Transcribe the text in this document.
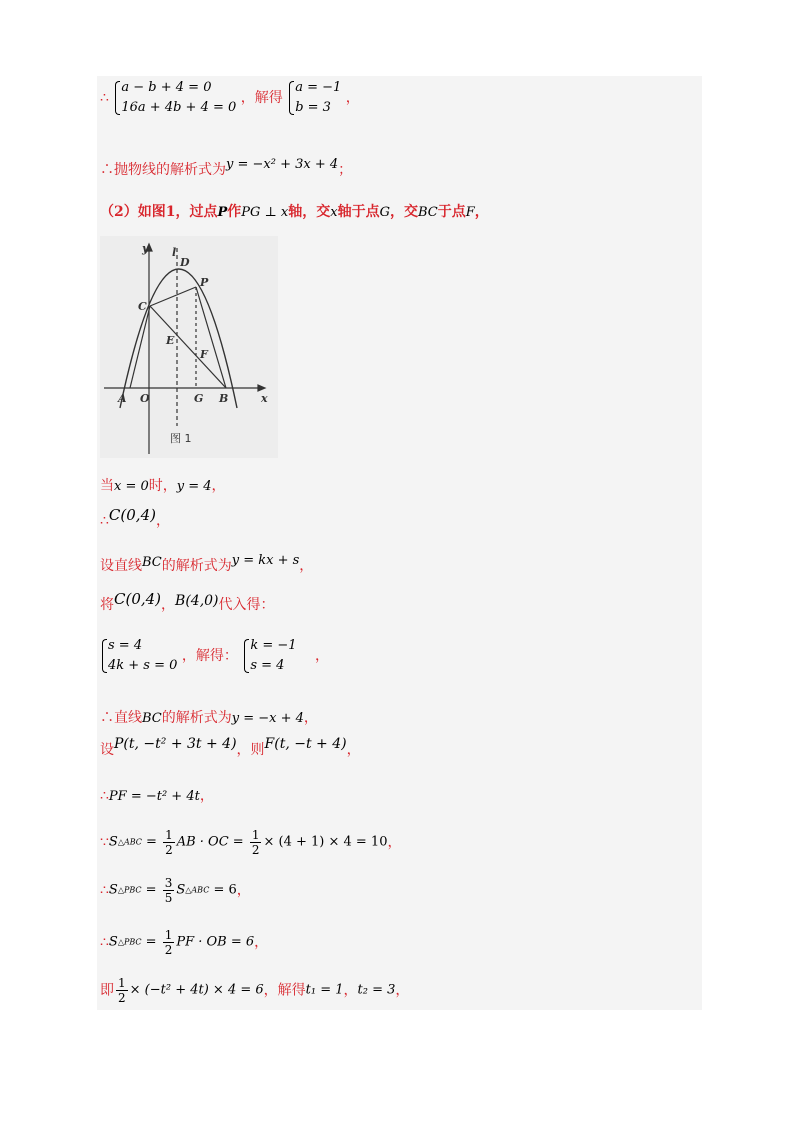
∴
a − b + 4 = 0
16a + 4b + 4 = 0
，解得
a = −1
b = 3
，
∴抛物线的解析式为y = −x² + 3x + 4；
（2）如图1，过点P作PG ⊥ x轴，交x轴于点G，交BC于点F，
y l
D
P
C
E
F
A O	G B	x
图 1
当x = 0时，y = 4，
∴C(0,4)，
设直线BC的解析式为y = kx + s，
将C(0,4)，B(4,0)代入得：
s = 4
4k + s = 0
，解得：
k = −1
s = 4
，
∴直线BC的解析式为y = −x + 4，
设P(t, −t² + 3t + 4)，则F(t, −t + 4)，
∴PF = −t² + 4t，
∵S△ABC = $\frac{1}{2}$ AB · OC = $\frac{1}{2} \times (4 + 1) \times 4 = 10$，
∴S△PBC = $\frac{3}{5}$ S△ABC = 6，
∴S△PBC = $\frac{1}{2}$ PF · OB = 6，
即 $\frac{1}{2} \times (-t^2 + 4t) \times 4 = 6$，解得t₁ = 1，t₂ = 3，
